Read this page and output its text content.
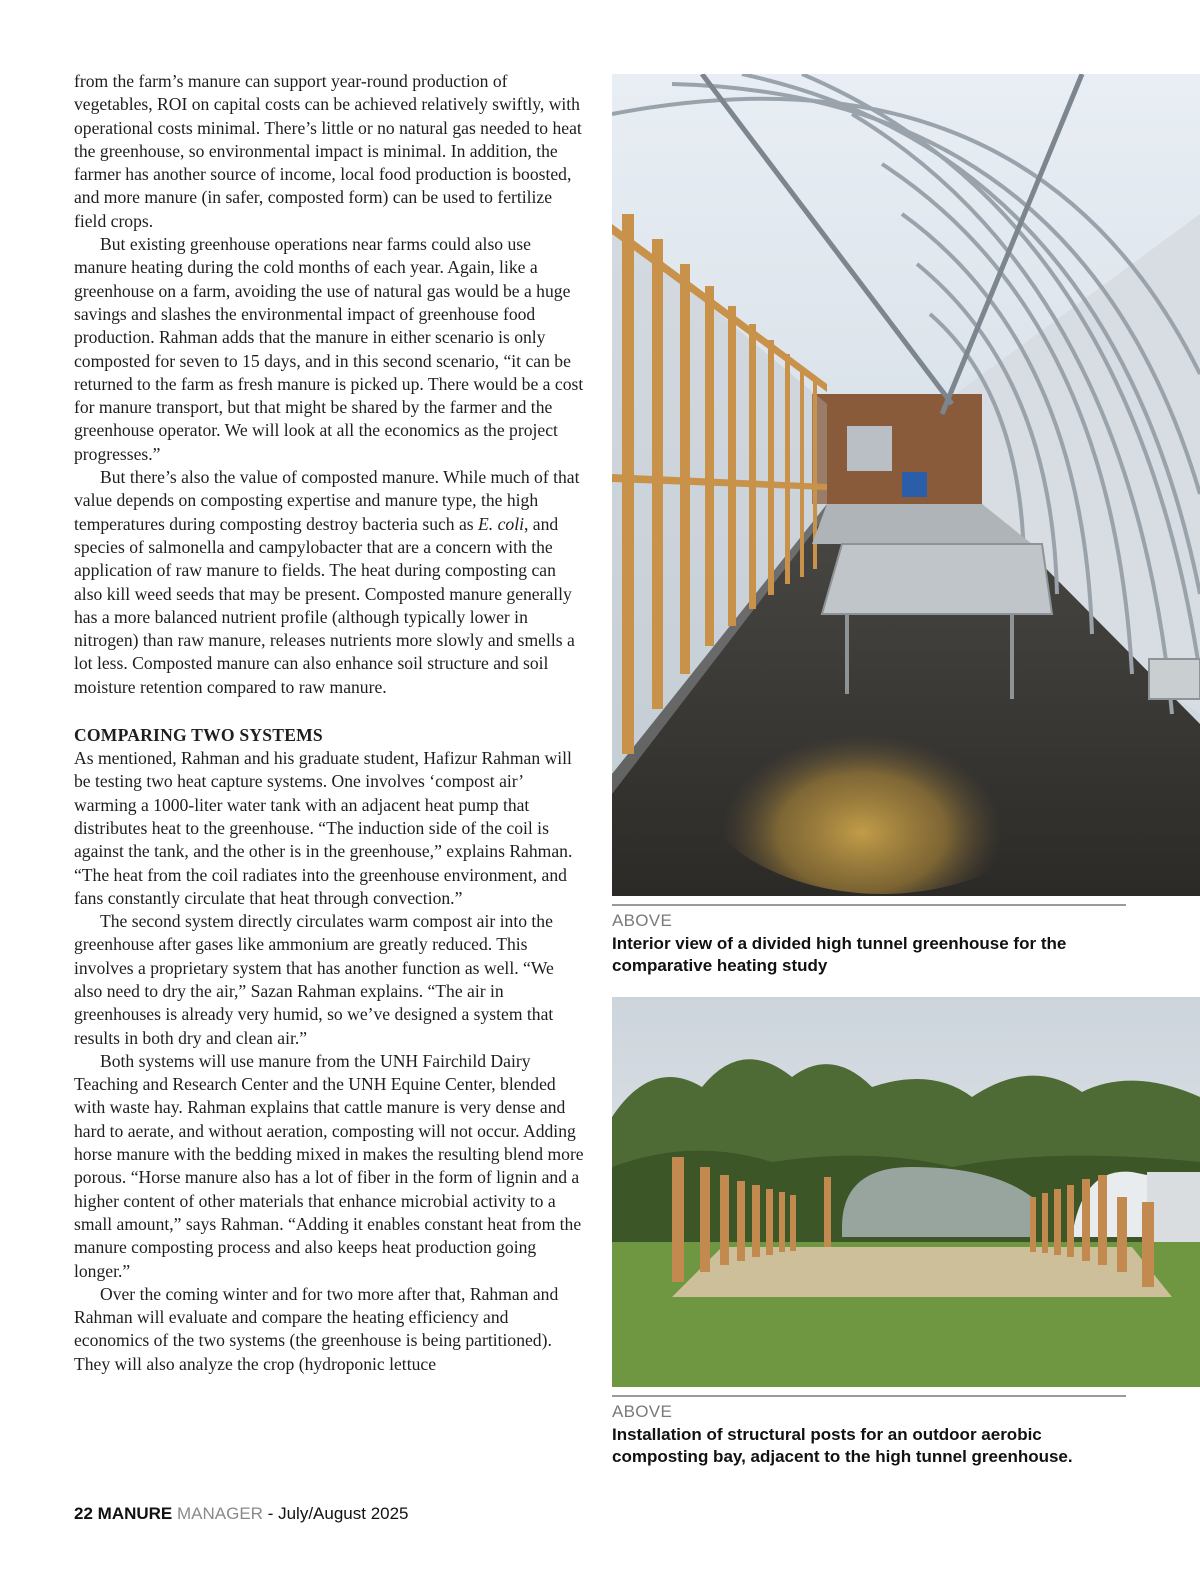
from the farm’s manure can support year-round production of vegetables, ROI on capital costs can be achieved relatively swiftly, with operational costs minimal. There’s little or no natural gas needed to heat the greenhouse, so environmental impact is minimal. In addition, the farmer has another source of income, local food production is boosted, and more manure (in safer, composted form) can be used to fertilize field crops.

But existing greenhouse operations near farms could also use manure heating during the cold months of each year. Again, like a greenhouse on a farm, avoiding the use of natural gas would be a huge savings and slashes the environmental impact of greenhouse food production. Rahman adds that the manure in either scenario is only composted for seven to 15 days, and in this second scenario, “it can be returned to the farm as fresh manure is picked up. There would be a cost for manure transport, but that might be shared by the farmer and the greenhouse operator. We will look at all the economics as the project progresses.”

But there’s also the value of composted manure. While much of that value depends on composting expertise and manure type, the high temperatures during composting destroy bacteria such as E. coli, and species of salmonella and campylobacter that are a concern with the application of raw manure to fields. The heat during composting can also kill weed seeds that may be present. Composted manure generally has a more balanced nutrient profile (although typically lower in nitrogen) than raw manure, releases nutrients more slowly and smells a lot less. Composted manure can also enhance soil structure and soil moisture retention compared to raw manure.

COMPARING TWO SYSTEMS

As mentioned, Rahman and his graduate student, Hafizur Rahman will be testing two heat capture systems. One involves ‘compost air’ warming a 1000-liter water tank with an adjacent heat pump that distributes heat to the greenhouse. “The induction side of the coil is against the tank, and the other is in the greenhouse,” explains Rahman. “The heat from the coil radiates into the greenhouse environment, and fans constantly circulate that heat through convection.”

The second system directly circulates warm compost air into the greenhouse after gases like ammonium are greatly reduced. This involves a proprietary system that has another function as well. “We also need to dry the air,” Sazan Rahman explains. “The air in greenhouses is already very humid, so we’ve designed a system that results in both dry and clean air.”

Both systems will use manure from the UNH Fairchild Dairy Teaching and Research Center and the UNH Equine Center, blended with waste hay. Rahman explains that cattle manure is very dense and hard to aerate, and without aeration, composting will not occur. Adding horse manure with the bedding mixed in makes the resulting blend more porous. “Horse manure also has a lot of fiber in the form of lignin and a higher content of other materials that enhance microbial activity to a small amount,” says Rahman. “Adding it enables constant heat from the manure composting process and also keeps heat production going longer.”

Over the coming winter and for two more after that, Rahman and Rahman will evaluate and compare the heating efficiency and economics of the two systems (the greenhouse is being partitioned). They will also analyze the crop (hydroponic lettuce

ABOVE
Interior view of a divided high tunnel greenhouse for the comparative heating study
ABOVE
Installation of structural posts for an outdoor aerobic composting bay, adjacent to the high tunnel greenhouse.
22 MANURE MANAGER - July/August 2025
